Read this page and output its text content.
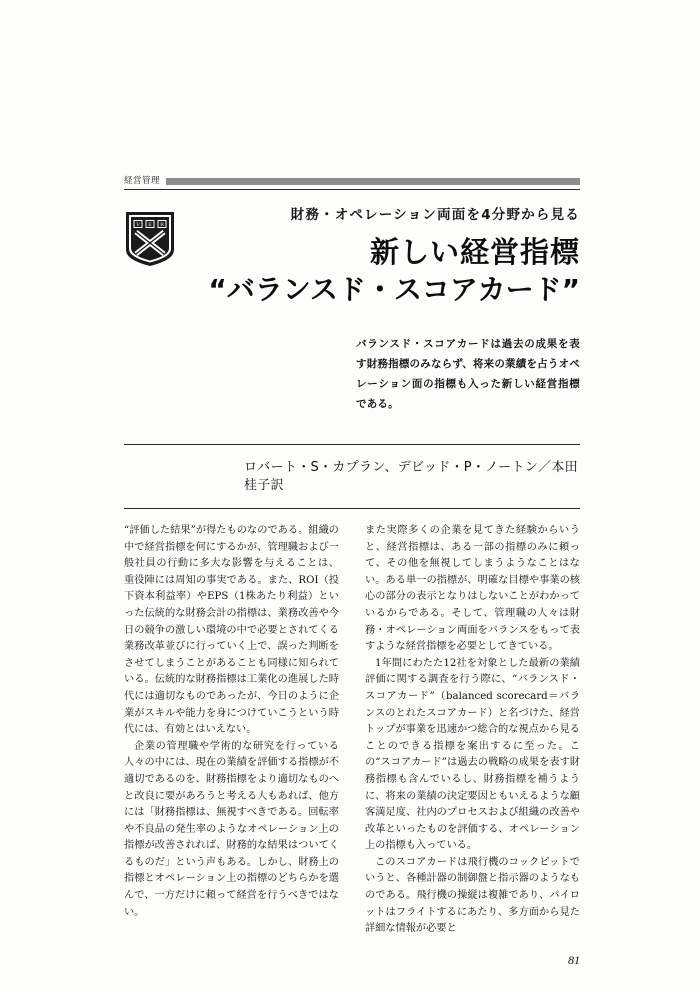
経営管理
V E R
財務・オペレーション両面を4分野から見る
新しい経営指標
“バランスド・スコアカード”
バランスド・スコアカードは過去の成果を表す財務指標のみならず、将来の業績を占うオペレーション面の指標も入った新しい経営指標である。
ロバート・S・カプラン、デビッド・P・ノートン／本田　桂子訳

“評価した結果”が得たものなのである。組織の中で経営指標を何にするかが、管理職および一般社員の行動に多大な影響を与えることは、 重役陣には周知の事実である。また、ROI（投下資本利益率）やEPS（1株あたり利益）といった伝統的な財務会計の指標は、業務改善や今日の競争の激しい環境の中で必要とされてくる業務改革並びに行っていく上で、誤った判断をさせてしまうことがあることも同様に知られている。伝統的な財務指標は工業化の進展した時代には適切なものであったが、今日のように企業がスキルや能力を身につけていこうという時代には、有効とはいえない。

企業の管理職や学術的な研究を行っている人々の中には、現在の業績を評価する指標が不適切であるのを、財務指標をより適切なものへと改良に要があろうと考える人もあれば、他方には「財務指標は、無視すべきである。回転率や不良品の発生率のようなオペレーション上の指標が改善されれば、財務的な結果はついてくるものだ」という声もある。しかし、財務上の指標とオペレーション上の指標のどちらかを選んで、一方だけに頼って経営を行うべきではない。

また実際多くの企業を見てきた経験からいうと、経営指標は、ある一部の指標のみに頼って、その他を無視してしまうようなことはない。ある単一の指標が、明確な目標や事業の核心の部分の表示となりはしないことがわかっているからである。そして、管理職の人々は財務・オペレーション両面をバランスをもって表すような経営指標を必要としてきている。

1年間にわたた12社を対象とした最新の業績評価に関する調査を行う際に、“バランスド・スコアカード”（balanced scorecard＝バランスのとれたスコアカード）と名づけた、経営トップが事業を迅速かつ総合的な視点から見ることのできる指標を案出するに至った。この“スコアカード”は過去の戦略の成果を表す財務指標も含んでいるし、財務指標を補うように、将来の業績の決定要因ともいえるような顧客満足度、社内のプロセスおよび組織の改善や改革といったものを評価する、オペレーション上の指標も入っている。

このスコアカードは飛行機のコックピットでいうと、各種計器の制御盤と指示器のようなものである。飛行機の操縦は複雑であり、パイロットはフライトするにあたり、多方面から見た詳細な情報が必要と

81
